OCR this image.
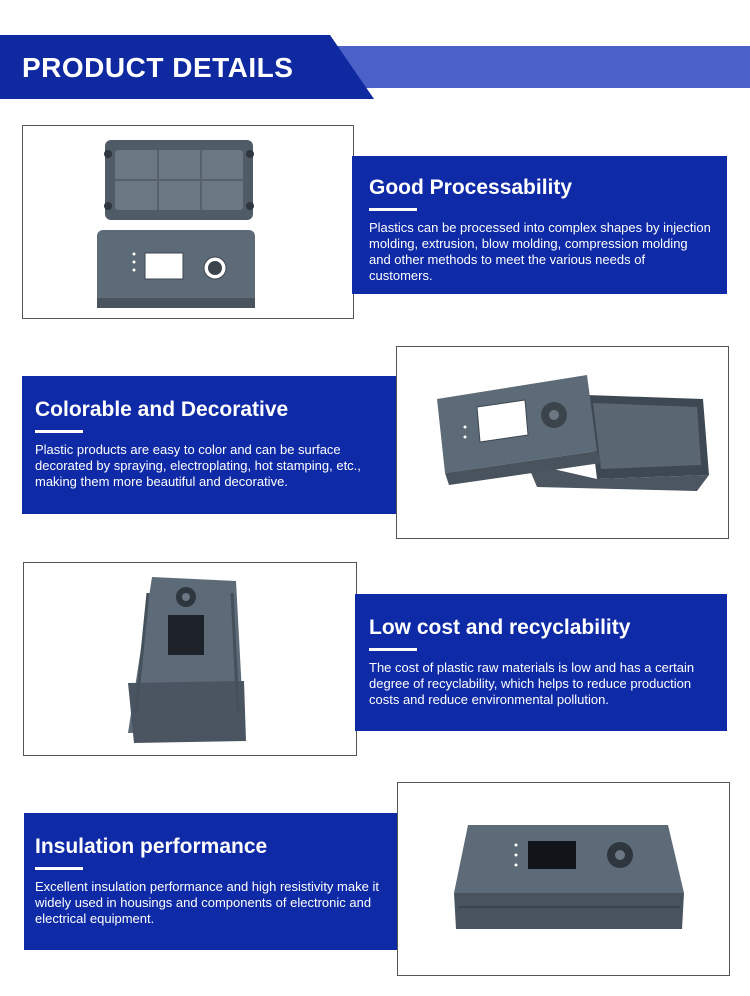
PRODUCT DETAILS
Good Processability

Plastics can be processed into complex shapes by injection molding, extrusion, blow molding, compression molding and other methods to meet the various needs of customers.

Colorable and Decorative

Plastic products are easy to color and can be surface decorated by spraying, electroplating, hot stamping, etc., making them more beautiful and decorative.

Low cost and recyclability

The cost of plastic raw materials is low and has a certain degree of recyclability, which helps to reduce production costs and reduce environmental pollution.

Insulation performance

Excellent insulation performance and high resistivity make it widely used in housings and components of electronic and electrical equipment.
